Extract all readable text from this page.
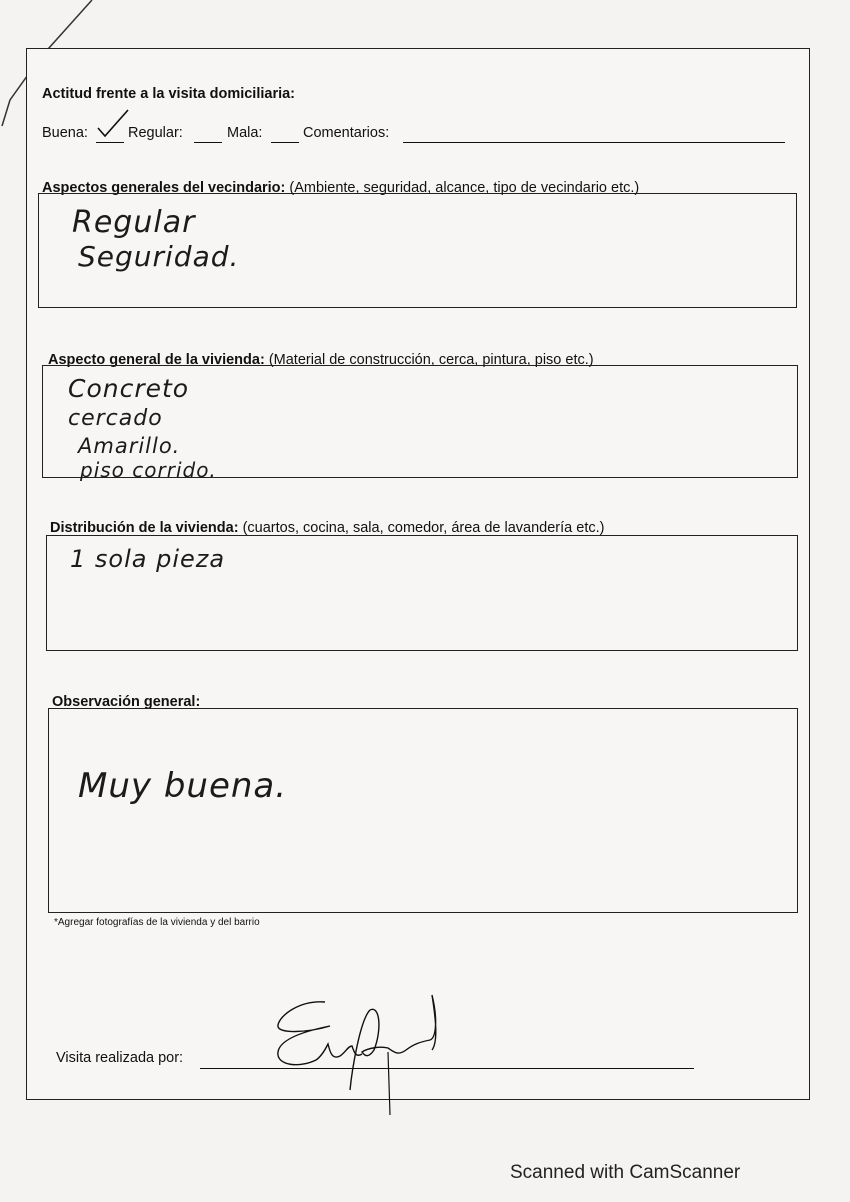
Actitud frente a la visita domiciliaria:
Buena:	Regular:	Mala:	Comentarios:
Aspectos generales del vecindario: (Ambiente, seguridad, alcance, tipo de vecindario etc.)
Regular
Seguridad.
Aspecto general de la vivienda: (Material de construcción, cerca, pintura, piso etc.)
Concreto
cercado
Amarillo.
piso corrido.
Distribución de la vivienda: (cuartos, cocina, sala, comedor, área de lavandería etc.)
1 sola pieza
Observación general:
Muy buena.
*Agregar fotografías de la vivienda y del barrio
Visita realizada por:
Scanned with CamScanner
